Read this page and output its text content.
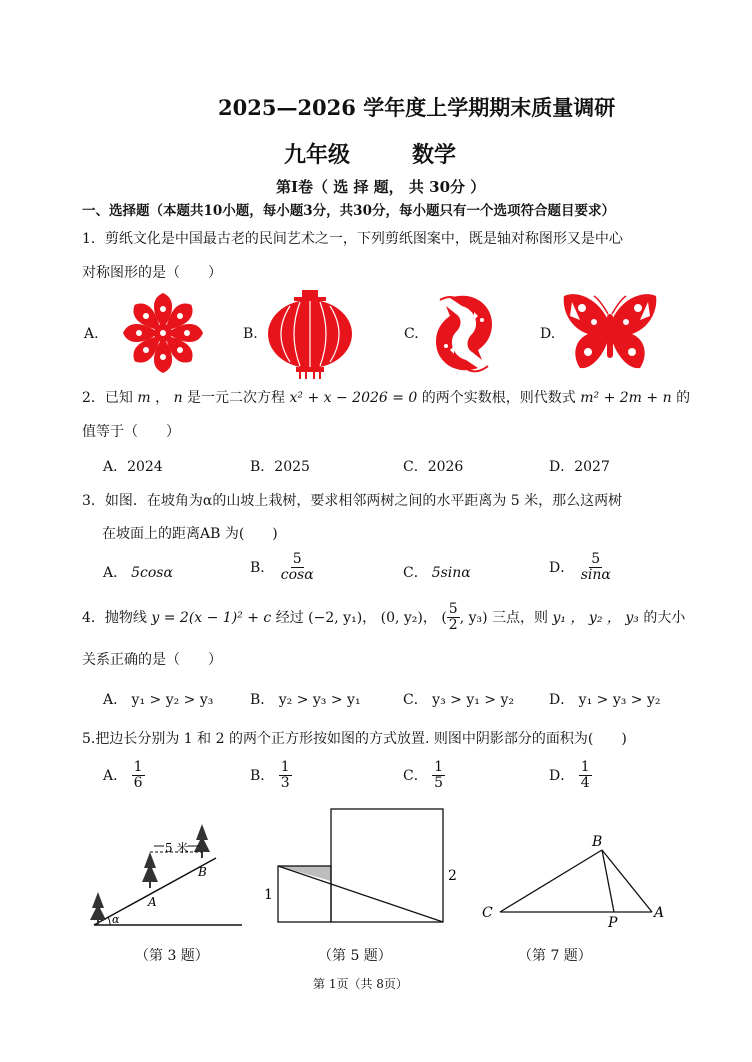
2025—2026 学年度上学期期末质量调研
九年级	数学
第Ⅰ卷（ 选 择 题， 共 30分 ）
一、选择题（本题共10小题，每小题3分，共30分，每小题只有一个选项符合题目要求）
1．剪纸文化是中国最古老的民间艺术之一，下列剪纸图案中，既是轴对称图形又是中心
对称图形的是（　　）
A.	B.	C.	D.
2．已知 m ， n 是一元二次方程 x² + x − 2026 = 0 的两个实数根，则代数式 m² + 2m + n 的
值等于（　　）
A．2024	B．2025	C．2026	D．2027
3．如图．在坡角为α的山坡上栽树，要求相邻两树之间的水平距离为 5 米，那么这两树
在坡面上的距离AB 为(　　)
A． 5cosα	B． $\frac{5}{\cos\alpha}$	C． 5sinα	D． $\frac{5}{\sin\alpha}$
4．抛物线 y = 2(x − 1)² + c 经过 (−2, y₁)， (0, y₂)， ( $\frac{5}{2}$ , y₃) 三点，则 y₁ ， y₂ ， y₃ 的大小
关系正确的是（　　）
A． y₁ > y₂ > y₃	B． y₂ > y₃ > y₁	C． y₃ > y₁ > y₂	D． y₁ > y₃ > y₂
5.把边长分别为 1 和 2 的两个正方形按如图的方式放置. 则图中阴影部分的面积为(　　)
A． $\frac{1}{6}$	B． $\frac{1}{3}$	C． $\frac{1}{5}$	D． $\frac{1}{4}$
5 米
A
B
α
（第 3 题）
1
2
（第 5 题）
B
C
P
A
（第 7 题）
第 1页（共 8页）
